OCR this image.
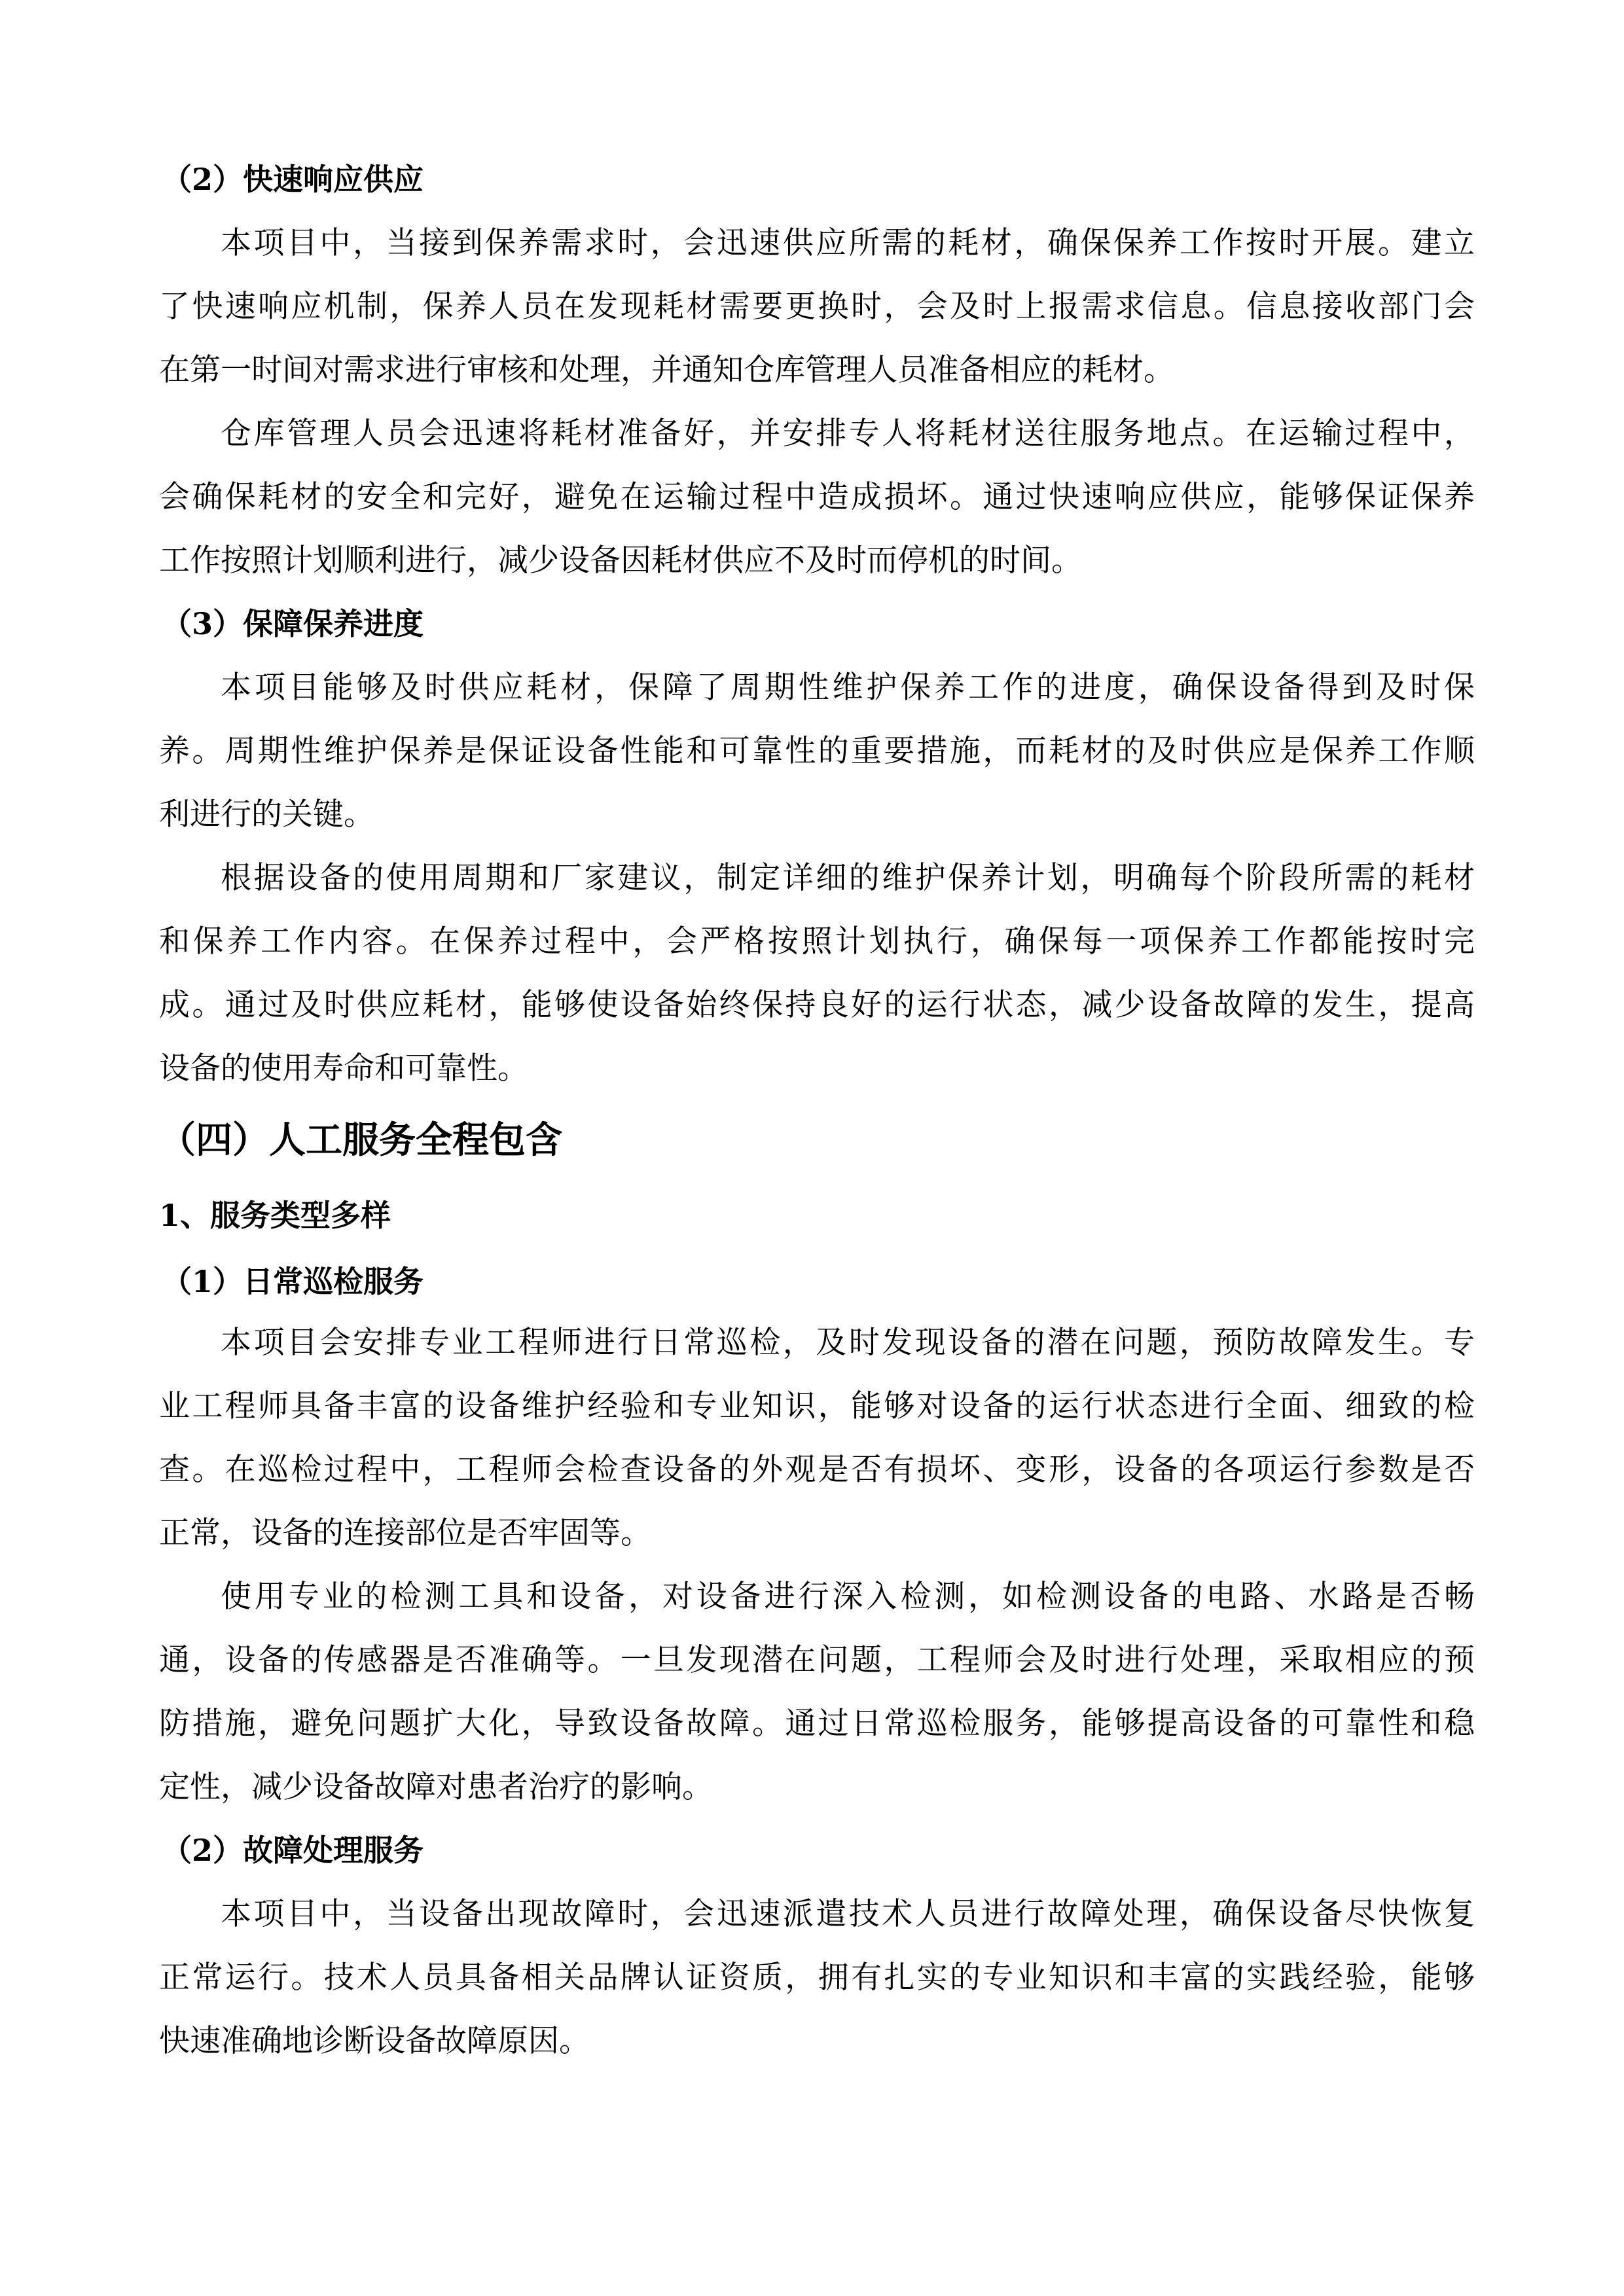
（2）快速响应供应
本项目中，当接到保养需求时，会迅速供应所需的耗材，确保保养工作按时开展。建立
了快速响应机制，保养人员在发现耗材需要更换时，会及时上报需求信息。信息接收部门会
在第一时间对需求进行审核和处理，并通知仓库管理人员准备相应的耗材。
仓库管理人员会迅速将耗材准备好，并安排专人将耗材送往服务地点。在运输过程中，
会确保耗材的安全和完好，避免在运输过程中造成损坏。通过快速响应供应，能够保证保养
工作按照计划顺利进行，减少设备因耗材供应不及时而停机的时间。
（3）保障保养进度
本项目能够及时供应耗材，保障了周期性维护保养工作的进度，确保设备得到及时保
养。周期性维护保养是保证设备性能和可靠性的重要措施，而耗材的及时供应是保养工作顺
利进行的关键。
根据设备的使用周期和厂家建议，制定详细的维护保养计划，明确每个阶段所需的耗材
和保养工作内容。在保养过程中，会严格按照计划执行，确保每一项保养工作都能按时完
成。通过及时供应耗材，能够使设备始终保持良好的运行状态，减少设备故障的发生，提高
设备的使用寿命和可靠性。
（四）人工服务全程包含
1、服务类型多样
（1）日常巡检服务
本项目会安排专业工程师进行日常巡检，及时发现设备的潜在问题，预防故障发生。专
业工程师具备丰富的设备维护经验和专业知识，能够对设备的运行状态进行全面、细致的检
查。在巡检过程中，工程师会检查设备的外观是否有损坏、变形，设备的各项运行参数是否
正常，设备的连接部位是否牢固等。
使用专业的检测工具和设备，对设备进行深入检测，如检测设备的电路、水路是否畅
通，设备的传感器是否准确等。一旦发现潜在问题，工程师会及时进行处理，采取相应的预
防措施，避免问题扩大化，导致设备故障。通过日常巡检服务，能够提高设备的可靠性和稳
定性，减少设备故障对患者治疗的影响。
（2）故障处理服务
本项目中，当设备出现故障时，会迅速派遣技术人员进行故障处理，确保设备尽快恢复
正常运行。技术人员具备相关品牌认证资质，拥有扎实的专业知识和丰富的实践经验，能够
快速准确地诊断设备故障原因。
